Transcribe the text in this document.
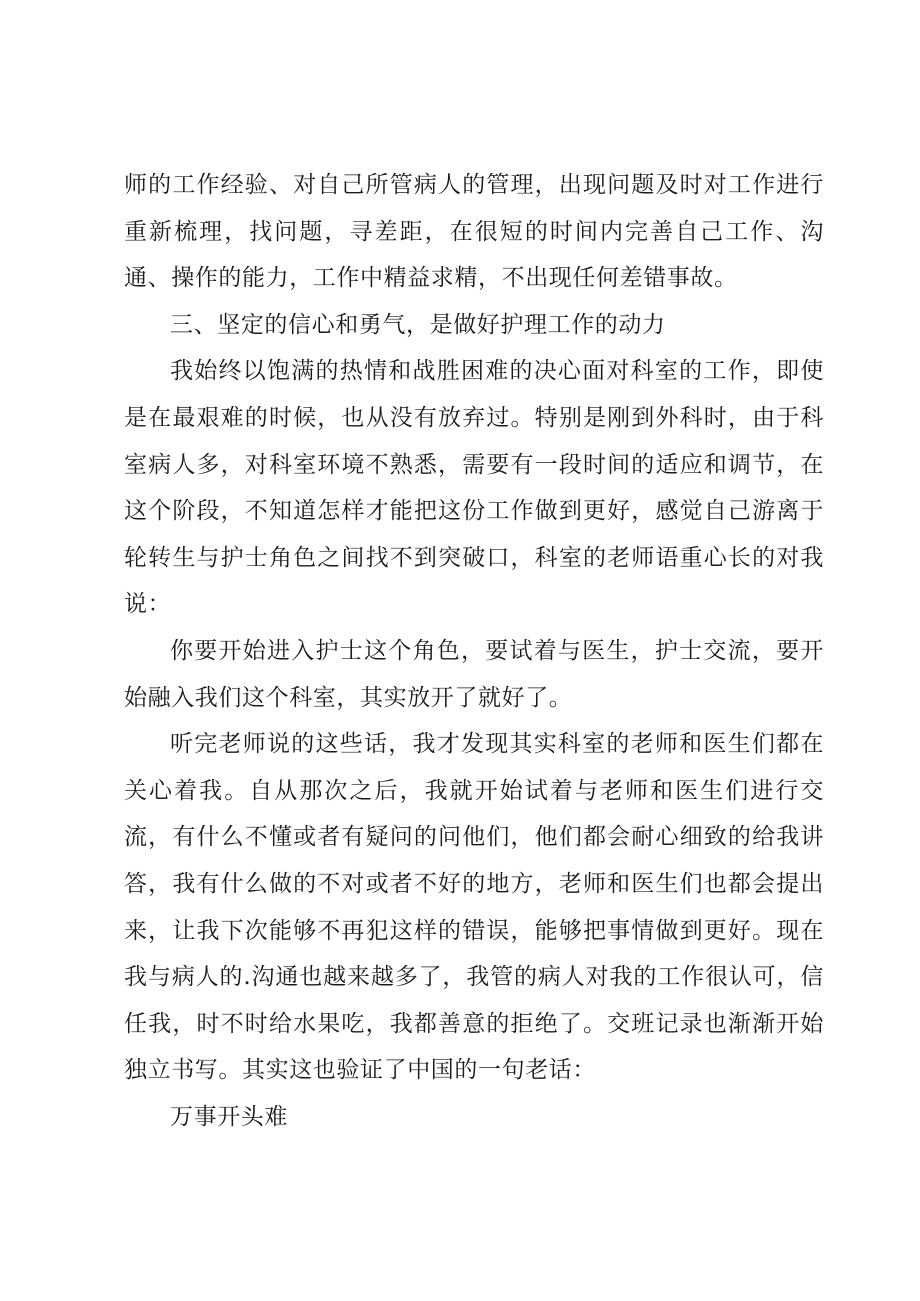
师的工作经验、对自己所管病人的管理，出现问题及时对工作进行重新梳理，找问题，寻差距，在很短的时间内完善自己工作、沟通、操作的能力，工作中精益求精，不出现任何差错事故。

三、坚定的信心和勇气，是做好护理工作的动力

我始终以饱满的热情和战胜困难的决心面对科室的工作，即使是在最艰难的时候，也从没有放弃过。特别是刚到外科时，由于科室病人多，对科室环境不熟悉，需要有一段时间的适应和调节，在这个阶段，不知道怎样才能把这份工作做到更好，感觉自己游离于轮转生与护士角色之间找不到突破口，科室的老师语重心长的对我说：

你要开始进入护士这个角色，要试着与医生，护士交流，要开始融入我们这个科室，其实放开了就好了。

听完老师说的这些话，我才发现其实科室的老师和医生们都在关心着我。自从那次之后，我就开始试着与老师和医生们进行交流，有什么不懂或者有疑问的问他们，他们都会耐心细致的给我讲答，我有什么做的不对或者不好的地方，老师和医生们也都会提出来，让我下次能够不再犯这样的错误，能够把事情做到更好。现在我与病人的.沟通也越来越多了，我管的病人对我的工作很认可，信任我，时不时给水果吃，我都善意的拒绝了。交班记录也渐渐开始独立书写。其实这也验证了中国的一句老话：

万事开头难
